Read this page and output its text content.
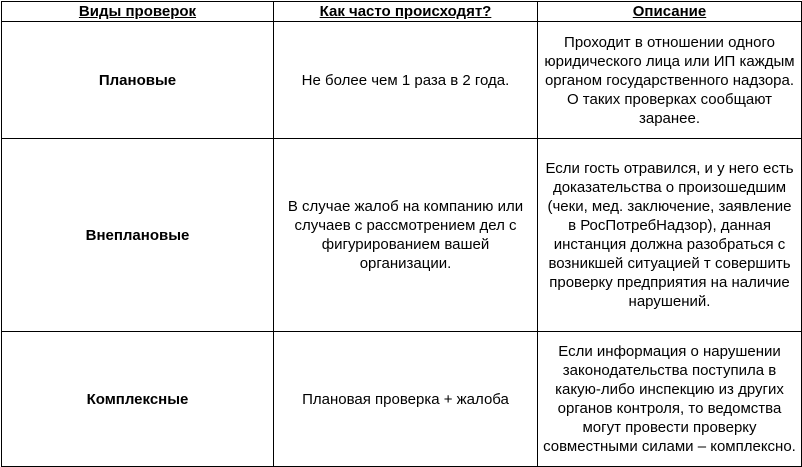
Виды проверок	Как часто происходят?	Описание
Плановые	Не более чем 1 раза в 2 года.	Проходит в отношении одного юридического лица или ИП каждым органом государственного надзора. О таких проверках сообщают заранее.
Внеплановые	В случае жалоб на компанию или случаев с рассмотрением дел с фигурированием вашей организации.	Если гость отравился, и у него есть доказательства о произошедшим (чеки, мед. заключение, заявление в РосПотребНадзор), данная инстанция должна разобраться с возникшей ситуацией т совершить проверку предприятия на наличие нарушений.
Комплексные	Плановая проверка + жалоба	Если информация о нарушении законодательства поступила в какую-либо инспекцию из других органов контроля, то ведомства могут провести проверку совместными силами – комплексно.
